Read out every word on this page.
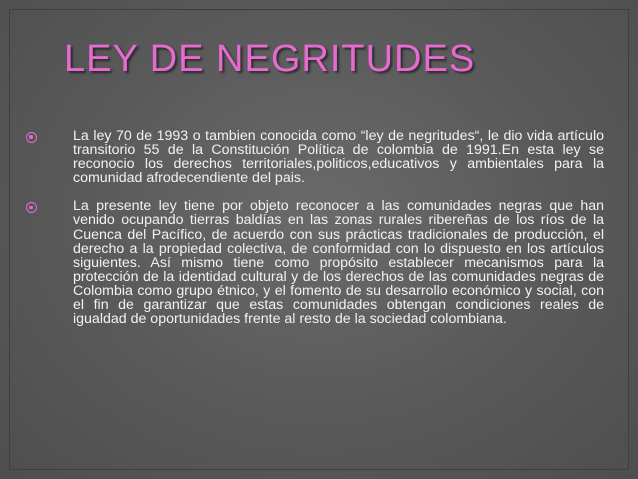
LEY DE NEGRITUDES

La ley 70 de 1993 o tambien conocida como “ley de negritudes“, le dio vida artículo transitorio 55 de la Constitución Política de colombia de 1991.En esta ley se reconocio los derechos territoriales,politicos,educativos y ambientales para la comunidad afrodecendiente del pais.

La presente ley tiene por objeto reconocer a las comunidades negras que han venido ocupando tierras baldías en las zonas rurales ribereñas de los ríos de la Cuenca del Pacífico, de acuerdo con sus prácticas tradicionales de producción, el derecho a la propiedad colectiva, de conformidad con lo dispuesto en los artículos siguientes. Así mismo tiene como propósito establecer mecanismos para la protección de la identidad cultural y de los derechos de las comunidades negras de Colombia como grupo étnico, y el fomento de su desarrollo económico y social, con el fin de garantizar que estas comunidades obtengan condiciones reales de igualdad de oportunidades frente al resto de la sociedad colombiana.
